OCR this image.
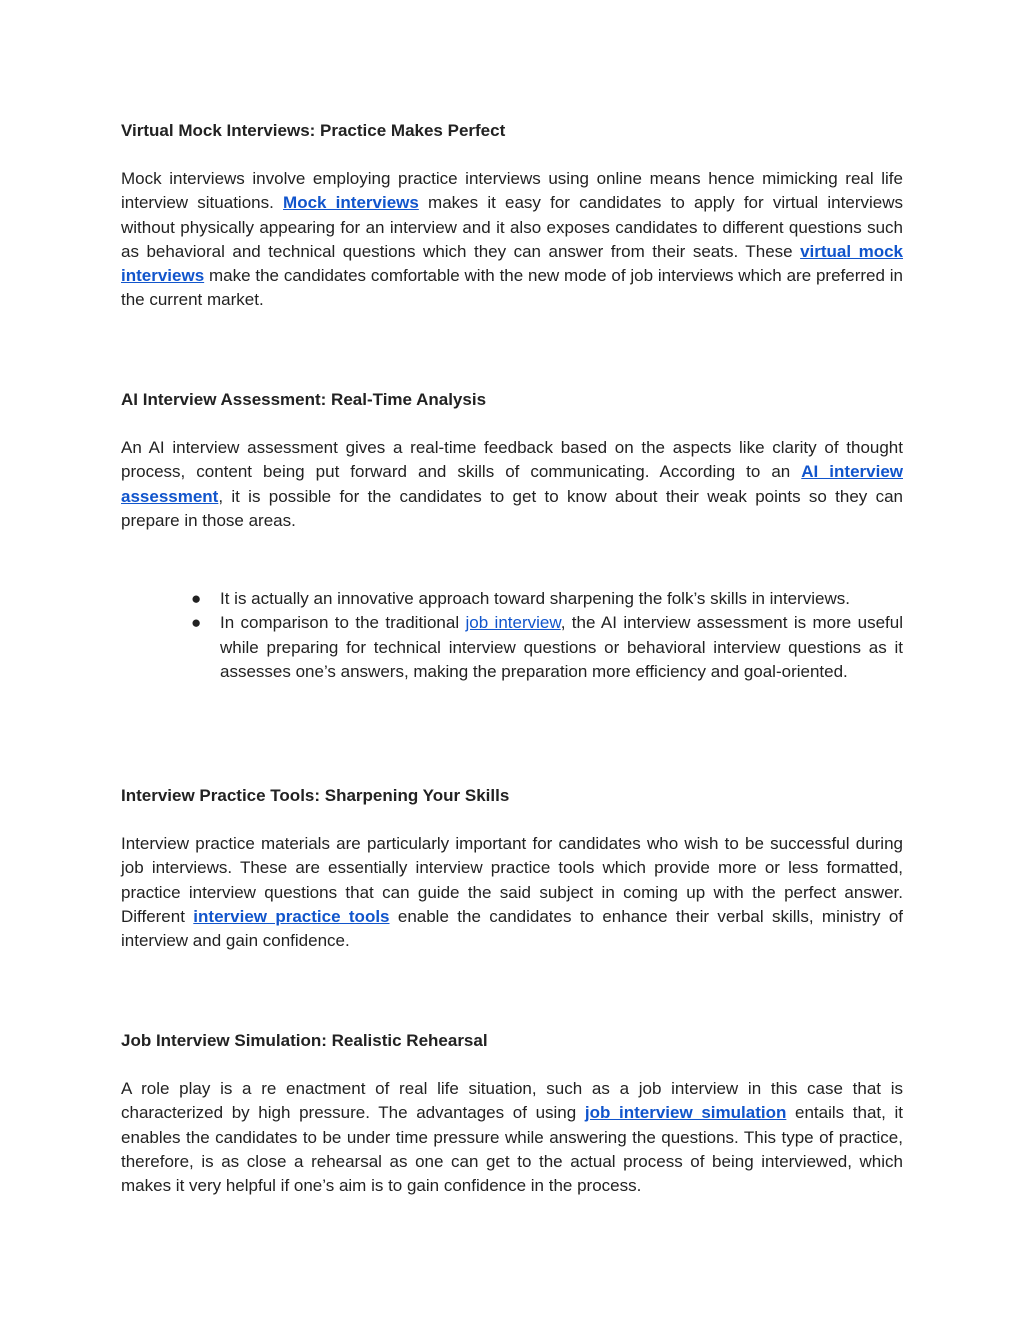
Virtual Mock Interviews: Practice Makes Perfect

Mock interviews involve employing practice interviews using online means hence mimicking real life interview situations. Mock interviews makes it easy for candidates to apply for virtual interviews without physically appearing for an interview and it also exposes candidates to different questions such as behavioral and technical questions which they can answer from their seats. These virtual mock interviews make the candidates comfortable with the new mode of job interviews which are preferred in the current market.

AI Interview Assessment: Real-Time Analysis

An AI interview assessment gives a real-time feedback based on the aspects like clarity of thought process, content being put forward and skills of communicating. According to an AI interview assessment, it is possible for the candidates to get to know about their weak points so they can prepare in those areas.

● It is actually an innovative approach toward sharpening the folk’s skills in interviews.
● In comparison to the traditional job interview, the AI interview assessment is more useful while preparing for technical interview questions or behavioral interview questions as it assesses one’s answers, making the preparation more efficiency and goal-oriented.
Interview Practice Tools: Sharpening Your Skills

Interview practice materials are particularly important for candidates who wish to be successful during job interviews. These are essentially interview practice tools which provide more or less formatted, practice interview questions that can guide the said subject in coming up with the perfect answer. Different interview practice tools enable the candidates to enhance their verbal skills, ministry of interview and gain confidence.

Job Interview Simulation: Realistic Rehearsal

A role play is a re enactment of real life situation, such as a job interview in this case that is characterized by high pressure. The advantages of using job interview simulation entails that, it enables the candidates to be under time pressure while answering the questions. This type of practice, therefore, is as close a rehearsal as one can get to the actual process of being interviewed, which makes it very helpful if one’s aim is to gain confidence in the process.
